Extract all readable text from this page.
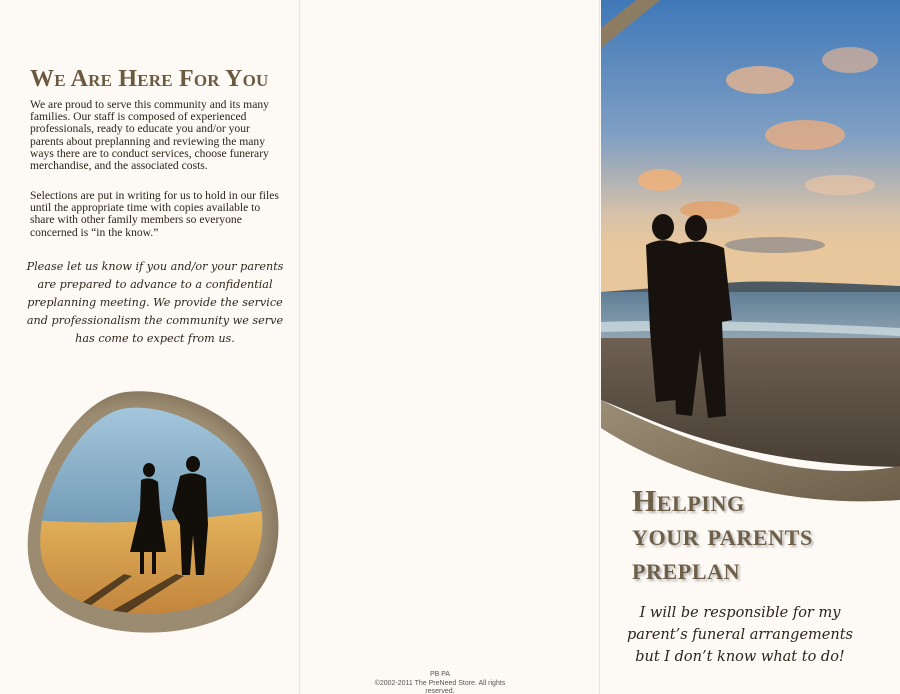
We Are Here For You

We are proud to serve this community and its many families. Our staff is composed of experienced professionals, ready to educate you and/or your parents about preplanning and reviewing the many ways there are to conduct services, choose funerary merchandise, and the associated costs.

Selections are put in writing for us to hold in our files until the appropriate time with copies available to share with other family members so everyone concerned is “in the know.”

Please let us know if you and/or your parents are prepared to advance to a confidential preplanning meeting. We provide the service and professionalism the community we serve has come to expect from us.

PB PA
©2002-2011 The PreNeed Store. All rights reserved.
Helping
your parents
preplan

I will be responsible for my parent’s funeral arrangements but I don’t know what to do!
